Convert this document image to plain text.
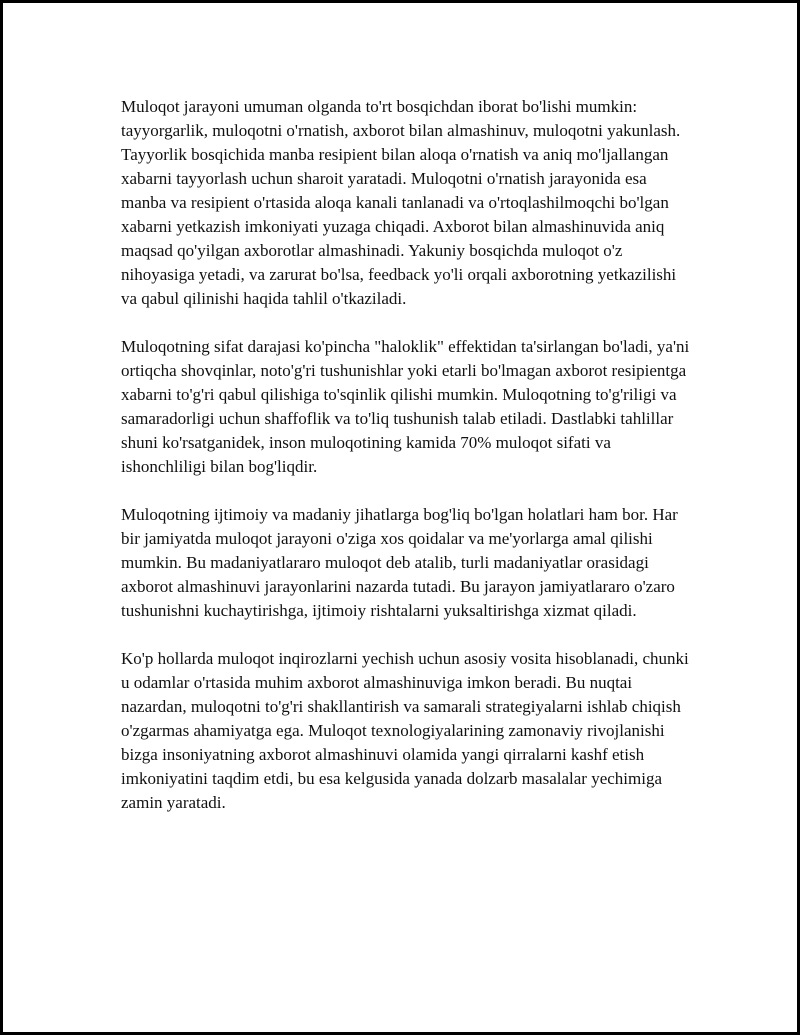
Muloqot jarayoni umuman olganda to'rt bosqichdan iborat bo'lishi mumkin: tayyorgarlik, muloqotni o'rnatish, axborot bilan almashinuv, muloqotni yakunlash. Tayyorlik bosqichida manba resipient bilan aloqa o'rnatish va aniq mo'ljallangan xabarni tayyorlash uchun sharoit yaratadi. Muloqotni o'rnatish jarayonida esa manba va resipient o'rtasida aloqa kanali tanlanadi va o'rtoqlashilmoqchi bo'lgan xabarni yetkazish imkoniyati yuzaga chiqadi. Axborot bilan almashinuvida aniq maqsad qo'yilgan axborotlar almashinadi. Yakuniy bosqichda muloqot o'z nihoyasiga yetadi, va zarurat bo'lsa, feedback yo'li orqali axborotning yetkazilishi va qabul qilinishi haqida tahlil o'tkaziladi.

Muloqotning sifat darajasi ko'pincha "haloklik" effektidan ta'sirlangan bo'ladi, ya'ni ortiqcha shovqinlar, noto'g'ri tushunishlar yoki etarli bo'lmagan axborot resipientga xabarni to'g'ri qabul qilishiga to'sqinlik qilishi mumkin. Muloqotning to'g'riligi va samaradorligi uchun shaffoflik va to'liq tushunish talab etiladi. Dastlabki tahlillar shuni ko'rsatganidek, inson muloqotining kamida 70% muloqot sifati va ishonchliligi bilan bog'liqdir.

Muloqotning ijtimoiy va madaniy jihatlarga bog'liq bo'lgan holatlari ham bor. Har bir jamiyatda muloqot jarayoni o'ziga xos qoidalar va me'yorlarga amal qilishi mumkin. Bu madaniyatlararo muloqot deb atalib, turli madaniyatlar orasidagi axborot almashinuvi jarayonlarini nazarda tutadi. Bu jarayon jamiyatlararo o'zaro tushunishni kuchaytirishga, ijtimoiy rishtalarni yuksaltirishga xizmat qiladi.

Ko'p hollarda muloqot inqirozlarni yechish uchun asosiy vosita hisoblanadi, chunki u odamlar o'rtasida muhim axborot almashinuviga imkon beradi. Bu nuqtai nazardan, muloqotni to'g'ri shakllantirish va samarali strategiyalarni ishlab chiqish o'zgarmas ahamiyatga ega. Muloqot texnologiyalarining zamonaviy rivojlanishi bizga insoniyatning axborot almashinuvi olamida yangi qirralarni kashf etish imkoniyatini taqdim etdi, bu esa kelgusida yanada dolzarb masalalar yechimiga zamin yaratadi.
